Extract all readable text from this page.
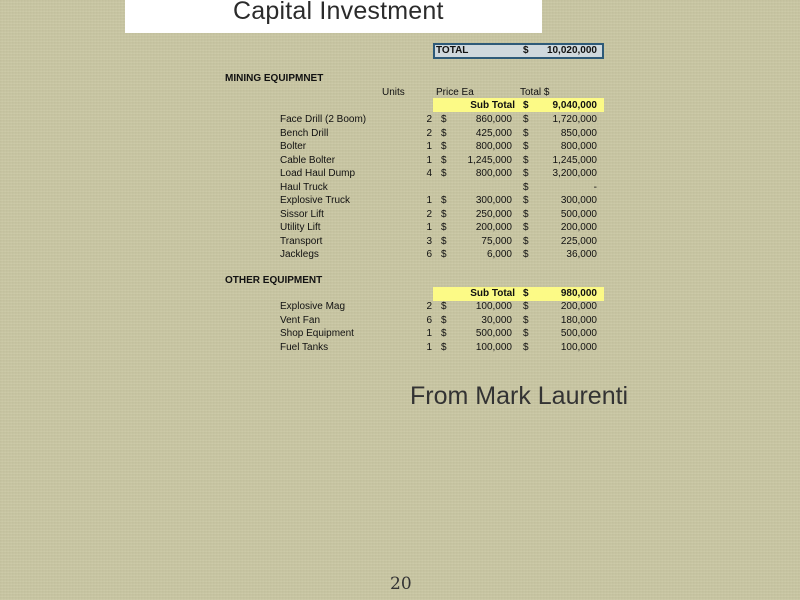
Capital Investment
TOTAL	$	10,020,000
MINING EQUIPMNET
Units	Price Ea	Total $
Sub Total $	9,040,000
Face Drill (2 Boom)	2 $	860,000 $	1,720,000
Bench Drill	2 $	425,000 $	850,000
Bolter	1 $	800,000 $	800,000
Cable Bolter	1 $	1,245,000 $	1,245,000
Load Haul Dump	4 $	800,000 $	3,200,000
Haul Truck	$	-
Explosive Truck	1 $	300,000 $	300,000
Sissor Lift	2 $	250,000 $	500,000
Utility Lift	1 $	200,000 $	200,000
Transport	3 $	75,000 $	225,000
Jacklegs	6 $	6,000 $	36,000
OTHER EQUIPMENT
Sub Total $	980,000
Explosive Mag	2 $	100,000 $	200,000
Vent Fan	6 $	30,000 $	180,000
Shop Equipment	1 $	500,000 $	500,000
Fuel Tanks	1 $	100,000 $	100,000
From Mark Laurenti
20
